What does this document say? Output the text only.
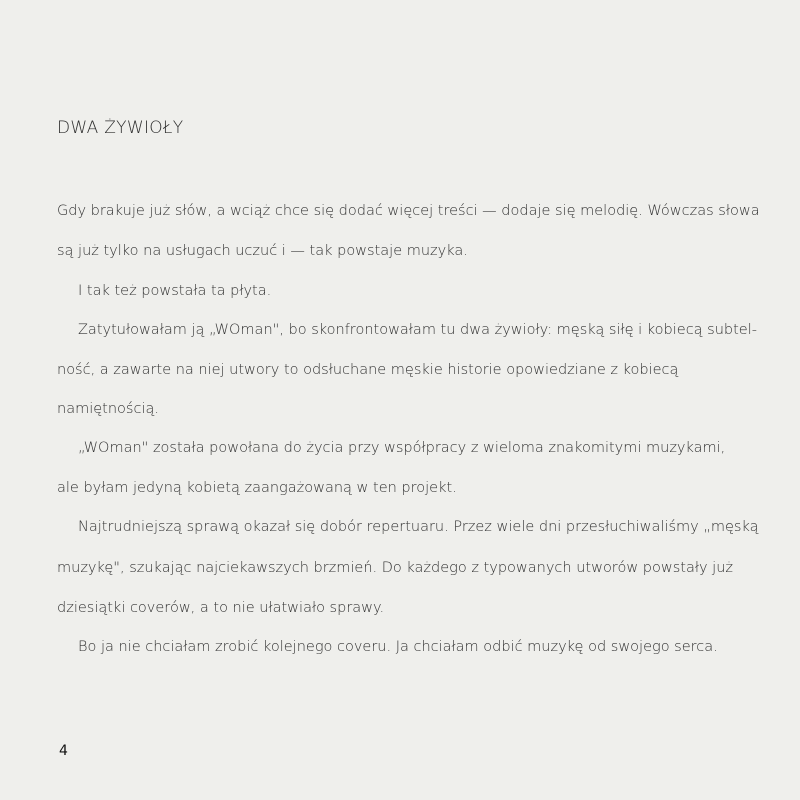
DWA ŻYWIOŁY
Gdy brakuje już słów, a wciąż chce się dodać więcej treści — dodaje się melodię. Wówczas słowa
są już tylko na usługach uczuć i — tak powstaje muzyka.
I tak też powstała ta płyta.
Zatytułowałam ją „WOman", bo skonfrontowałam tu dwa żywioły: męską siłę i kobiecą subtel-
ność, a zawarte na niej utwory to odsłuchane męskie historie opowiedziane z kobiecą
namiętnością.
„WOman" została powołana do życia przy współpracy z wieloma znakomitymi muzykami,
ale byłam jedyną kobietą zaangażowaną w ten projekt.
Najtrudniejszą sprawą okazał się dobór repertuaru. Przez wiele dni przesłuchiwaliśmy „męską
muzykę", szukając najciekawszych brzmień. Do każdego z typowanych utworów powstały już
dziesiątki coverów, a to nie ułatwiało sprawy.
Bo ja nie chciałam zrobić kolejnego coveru. Ja chciałam odbić muzykę od swojego serca.
4
